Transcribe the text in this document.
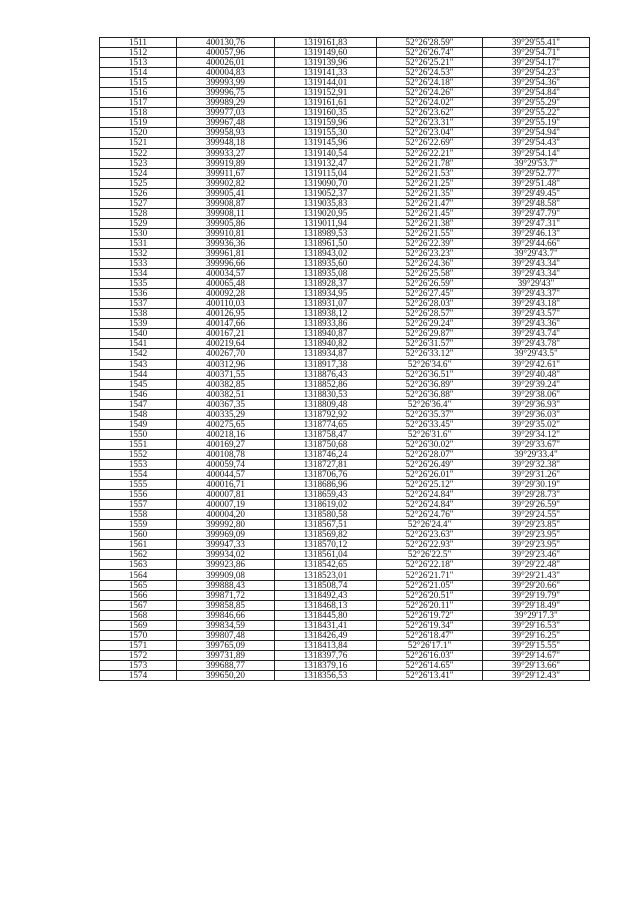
1511	400130,76	1319161,83	52°26'28.59"	39°29'55.41"
1512	400057,96	1319149,60	52°26'26.74"	39°29'54.71"
1513	400026,01	1319139,96	52°26'25.21"	39°29'54.17"
1514	400004,83	1319141,33	52°26'24.53"	39°29'54.23"
1515	399993,99	1319144,01	52°26'24.18"	39°29'54.36"
1516	399996,75	1319152,91	52°26'24.26"	39°29'54.84"
1517	399989,29	1319161,61	52°26'24.02"	39°29'55.29"
1518	399977,03	1319160,35	52°26'23.62"	39°29'55.22"
1519	399967,48	1319159,96	52°26'23.31"	39°29'55.19"
1520	399958,93	1319155,30	52°26'23.04"	39°29'54.94"
1521	399948,18	1319145,96	52°26'22.69"	39°29'54.43"
1522	399933,27	1319140,54	52°26'22.21"	39°29'54.14"
1523	399919,89	1319132,47	52°26'21.78"	39°29'53.7"
1524	399911,67	1319115,04	52°26'21.53"	39°29'52.77"
1525	399902,82	1319090,70	52°26'21.25"	39°29'51.48"
1526	399905,41	1319052,37	52°26'21.35"	39°29'49.45"
1527	399908,87	1319035,83	52°26'21.47"	39°29'48.58"
1528	399908,11	1319020,95	52°26'21.45"	39°29'47.79"
1529	399905,86	1319011,94	52°26'21.38"	39°29'47.31"
1530	399910,81	1318989,53	52°26'21.55"	39°29'46.13"
1531	399936,36	1318961,50	52°26'22.39"	39°29'44.66"
1532	399961,81	1318943,02	52°26'23.23"	39°29'43.7"
1533	399996,66	1318935,60	52°26'24.36"	39°29'43.34"
1534	400034,57	1318935,08	52°26'25.58"	39°29'43.34"
1535	400065,48	1318928,37	52°26'26.59"	39°29'43"
1536	400092,28	1318934,95	52°26'27.45"	39°29'43.37"
1537	400110,03	1318931,07	52°26'28.03"	39°29'43.18"
1538	400126,95	1318938,12	52°26'28.57"	39°29'43.57"
1539	400147,66	1318933,86	52°26'29.24"	39°29'43.36"
1540	400167,21	1318940,87	52°26'29.87"	39°29'43.74"
1541	400219,64	1318940,82	52°26'31.57"	39°29'43.78"
1542	400267,70	1318934,87	52°26'33.12"	39°29'43.5"
1543	400312,96	1318917,38	52°26'34.6"	39°29'42.61"
1544	400371,55	1318876,43	52°26'36.51"	39°29'40.48"
1545	400382,85	1318852,86	52°26'36.89"	39°29'39.24"
1546	400382,51	1318830,53	52°26'36.88"	39°29'38.06"
1547	400367,35	1318809,48	52°26'36.4"	39°29'36.93"
1548	400335,29	1318792,92	52°26'35.37"	39°29'36.03"
1549	400275,65	1318774,65	52°26'33.45"	39°29'35.02"
1550	400218,16	1318758,47	52°26'31.6"	39°29'34.12"
1551	400169,27	1318750,68	52°26'30.02"	39°29'33.67"
1552	400108,78	1318746,24	52°26'28.07"	39°29'33.4"
1553	400059,74	1318727,81	52°26'26.49"	39°29'32.38"
1554	400044,57	1318706,76	52°26'26.01"	39°29'31.26"
1555	400016,71	1318686,96	52°26'25.12"	39°29'30.19"
1556	400007,81	1318659,43	52°26'24.84"	39°29'28.73"
1557	400007,19	1318619,02	52°26'24.84"	39°29'26.59"
1558	400004,20	1318580,58	52°26'24.76"	39°29'24.55"
1559	399992,80	1318567,51	52°26'24.4"	39°29'23.85"
1560	399969,09	1318569,82	52°26'23.63"	39°29'23.95"
1561	399947,33	1318570,12	52°26'22.93"	39°29'23.95"
1562	399934,02	1318561,04	52°26'22.5"	39°29'23.46"
1563	399923,86	1318542,65	52°26'22.18"	39°29'22.48"
1564	399909,08	1318523,01	52°26'21.71"	39°29'21.43"
1565	399888,43	1318508,74	52°26'21.05"	39°29'20.66"
1566	399871,72	1318492,43	52°26'20.51"	39°29'19.79"
1567	399858,85	1318468,13	52°26'20.11"	39°29'18.49"
1568	399846,66	1318445,80	52°26'19.72"	39°29'17.3"
1569	399834,59	1318431,41	52°26'19.34"	39°29'16.53"
1570	399807,48	1318426,49	52°26'18.47"	39°29'16.25"
1571	399765,09	1318413,84	52°26'17.1"	39°29'15.55"
1572	399731,89	1318397,76	52°26'16.03"	39°29'14.67"
1573	399688,77	1318379,16	52°26'14.65"	39°29'13.66"
1574	399650,20	1318356,53	52°26'13.41"	39°29'12.43"
